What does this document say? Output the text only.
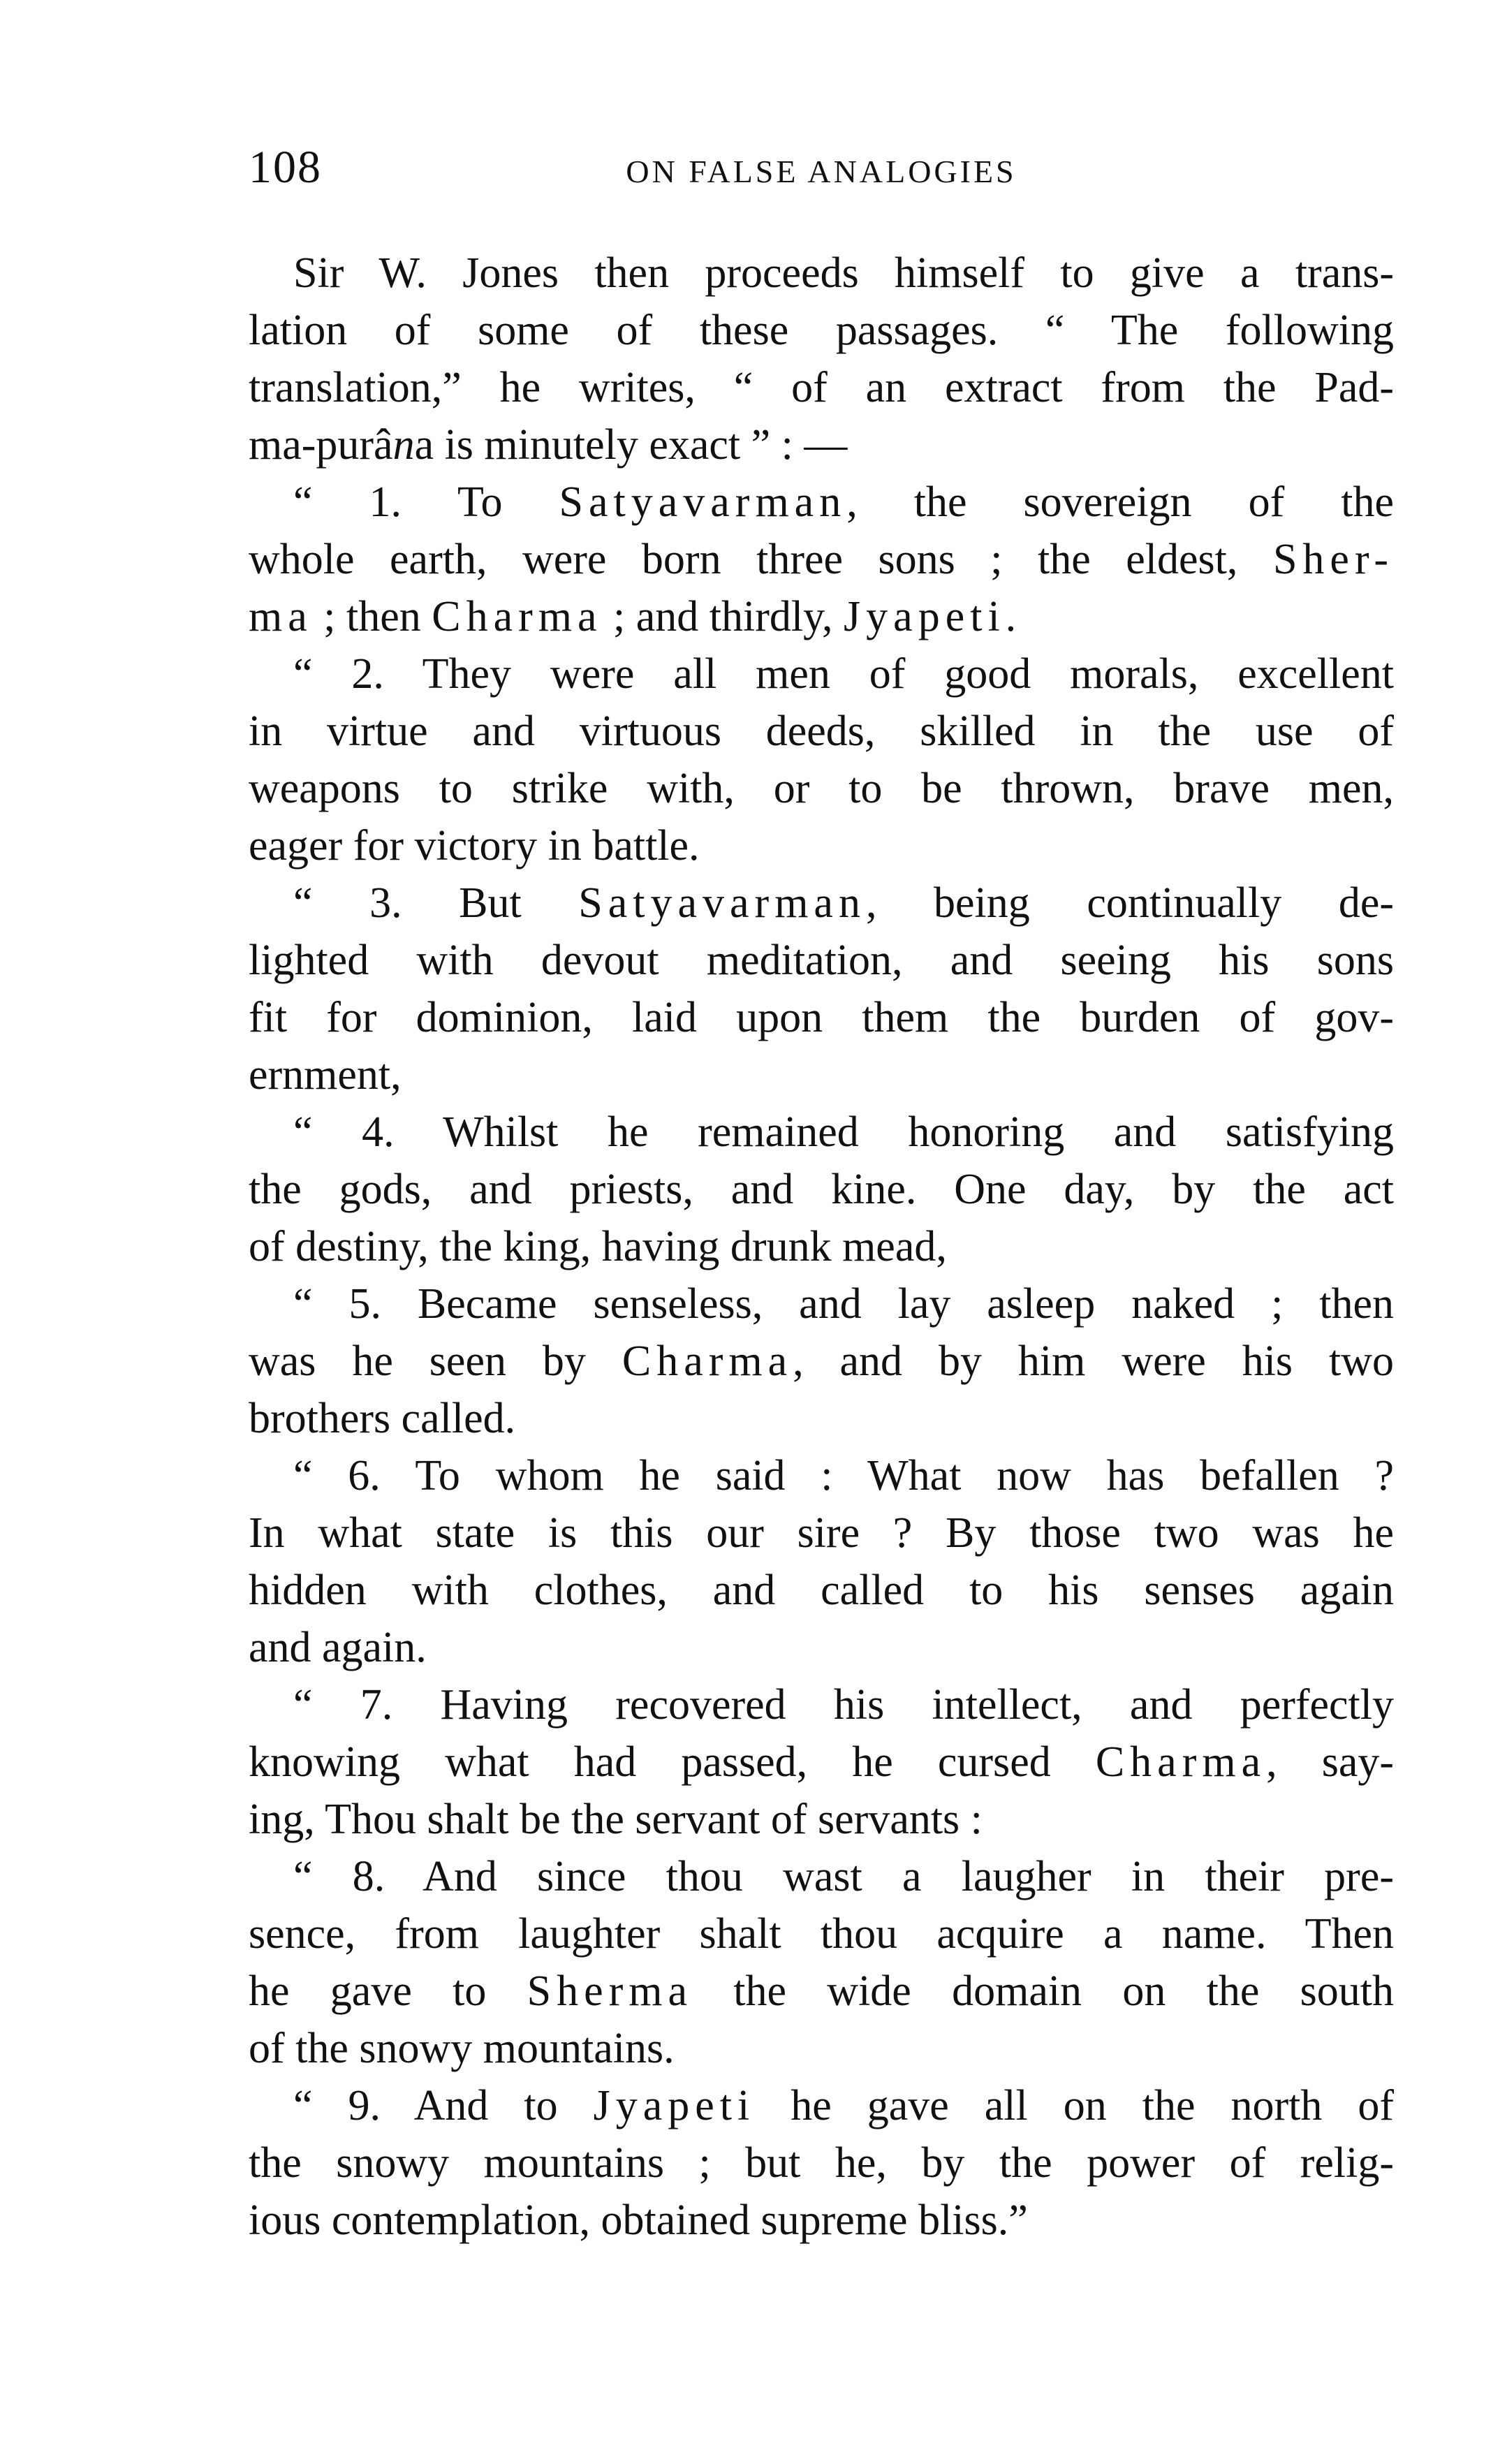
108	ON FALSE ANALOGIES
Sir W. Jones then proceeds himself to give a trans-
lation of some of these passages. “ The following
translation,” he writes, “ of an extract from the Pad-
ma-purâna is minutely exact ” : —
“ 1. To Satyavarman, the sovereign of the
whole earth, were born three sons ; the eldest, Sher-
ma ; then Charma ; and thirdly, Jyapeti.
“ 2. They were all men of good morals, excellent
in virtue and virtuous deeds, skilled in the use of
weapons to strike with, or to be thrown, brave men,
eager for victory in battle.
“ 3. But Satyavarman, being continually de-
lighted with devout meditation, and seeing his sons
fit for dominion, laid upon them the burden of gov-
ernment,
“ 4. Whilst he remained honoring and satisfying
the gods, and priests, and kine. One day, by the act
of destiny, the king, having drunk mead,
“ 5. Became senseless, and lay asleep naked ; then
was he seen by Charma, and by him were his two
brothers called.
“ 6. To whom he said : What now has befallen ?
In what state is this our sire ? By those two was he
hidden with clothes, and called to his senses again
and again.
“ 7. Having recovered his intellect, and perfectly
knowing what had passed, he cursed Charma, say-
ing, Thou shalt be the servant of servants :
“ 8. And since thou wast a laugher in their pre-
sence, from laughter shalt thou acquire a name. Then
he gave to Sherma the wide domain on the south
of the snowy mountains.
“ 9. And to Jyapeti he gave all on the north of
the snowy mountains ; but he, by the power of relig-
ious contemplation, obtained supreme bliss.”
